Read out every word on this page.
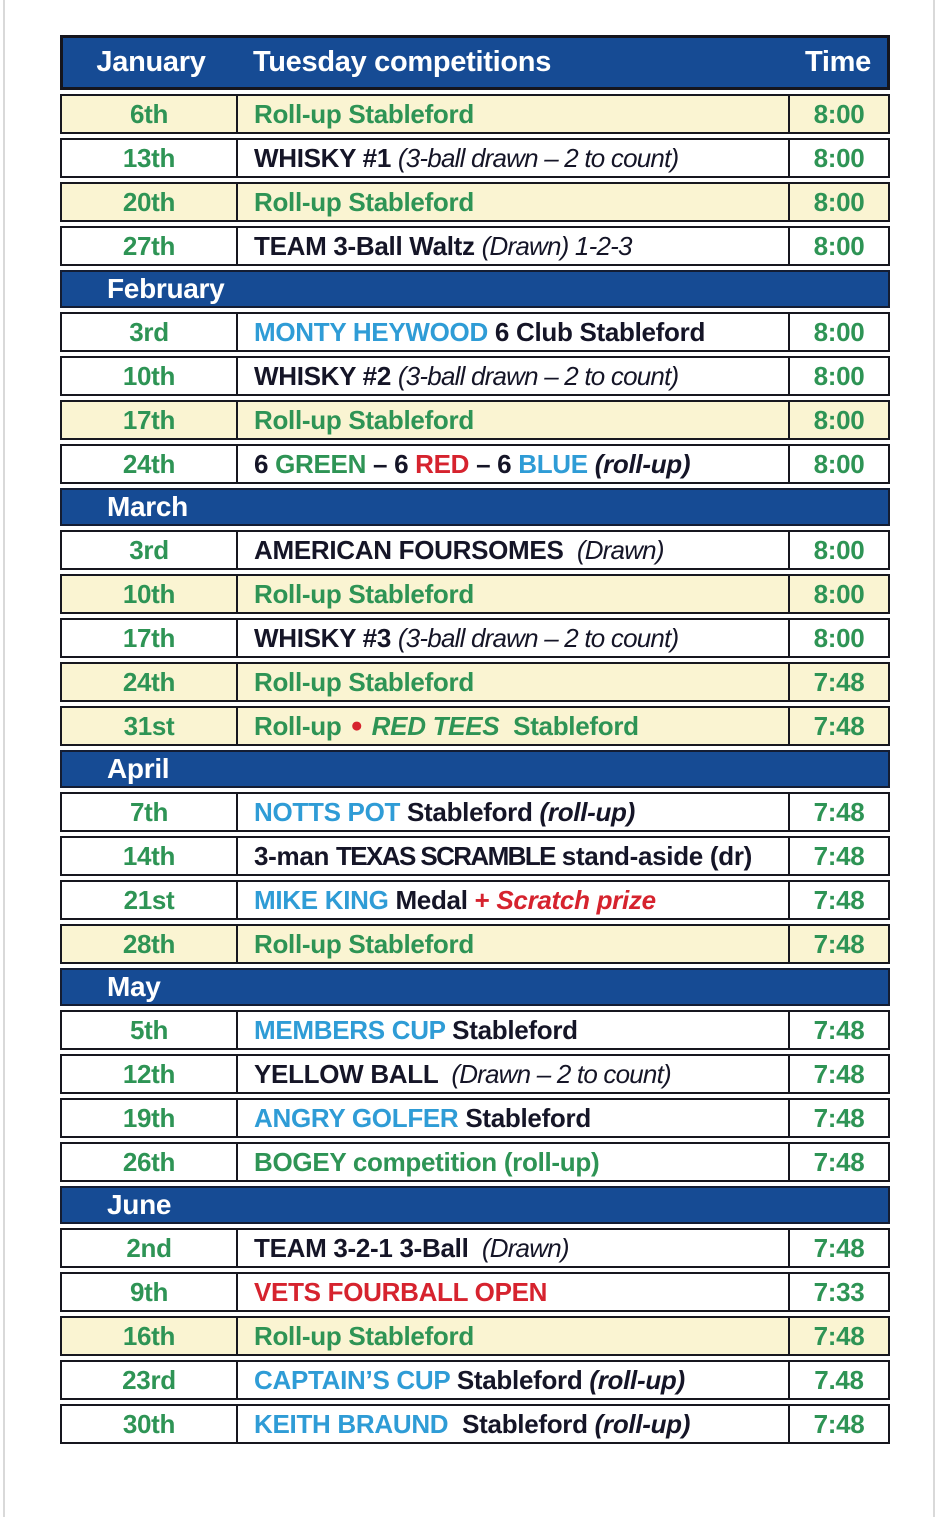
January	Tuesday competitions	Time
6th	Roll-up Stableford	8:00
13th	WHISKY #1 (3-ball drawn – 2 to count)	8:00
20th	Roll-up Stableford	8:00
27th	TEAM 3-Ball Waltz (Drawn) 1-2-3	8:00
February
3rd	MONTY HEYWOOD 6 Club Stableford	8:00
10th	WHISKY #2 (3-ball drawn – 2 to count)	8:00
17th	Roll-up Stableford	8:00
24th	6 GREEN – 6 RED – 6 BLUE (roll-up)	8:00
March
3rd	AMERICAN FOURSOMES (Drawn)	8:00
10th	Roll-up Stableford	8:00
17th	WHISKY #3 (3-ball drawn – 2 to count)	8:00
24th	Roll-up Stableford	7:48
31st	Roll-up ● RED TEES Stableford	7:48
April
7th	NOTTS POT Stableford (roll-up)	7:48
14th	3-man TEXAS SCRAMBLE stand-aside (dr)	7:48
21st	MIKE KING Medal + Scratch prize	7:48
28th	Roll-up Stableford	7:48
May
5th	MEMBERS CUP Stableford	7:48
12th	YELLOW BALL (Drawn – 2 to count)	7:48
19th	ANGRY GOLFER Stableford	7:48
26th	BOGEY competition (roll-up)	7:48
June
2nd	TEAM 3-2-1 3-Ball (Drawn)	7:48
9th	VETS FOURBALL OPEN	7:33
16th	Roll-up Stableford	7:48
23rd	CAPTAIN’S CUP Stableford (roll-up)	7.48
30th	KEITH BRAUND Stableford (roll-up)	7:48
